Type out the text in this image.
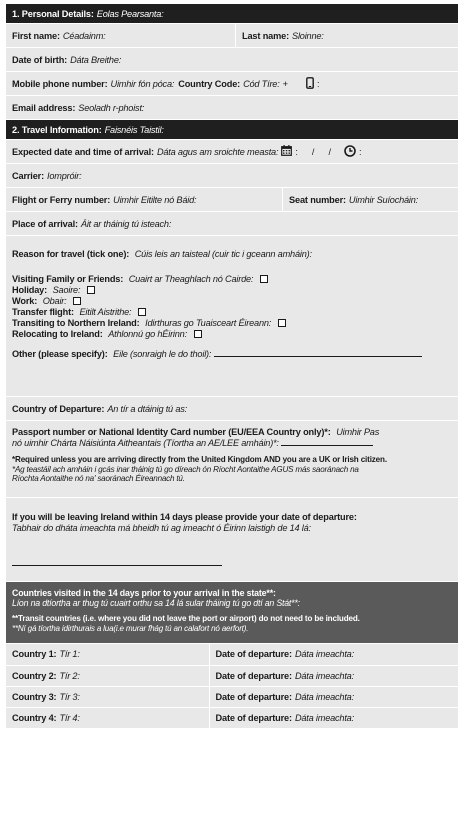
1. Personal Details: Eolas Pearsanta:
First name: Céadainm:	Last name: Sloinne:
Date of birth: Dáta Breithe:
Mobile phone number: Uimhir fón póca: Country Code: Cód Tíre: +	:
Email address: Seoladh r-phoist:
2. Travel Information: Faisnéis Taistil:
Expected date and time of arrival: Dáta agus am sroichte measta: : / /	:
Carrier: Iompróir:
Flight or Ferry number: Uimhir Eitilte nó Báid:	Seat number: Uimhir Suíocháin:
Place of arrival: Áit ar tháinig tú isteach:
Reason for travel (tick one): Cúis leis an taisteal (cuir tic i gceann amháin):
Visiting Family or Friends: Cuairt ar Theaghlach nó Cairde:
Holiday: Saoire:
Work: Obair:
Transfer flight: Eitilt Aistrithe:
Transiting to Northern Ireland: Idirthuras go Tuaisceart Éireann:
Relocating to Ireland: Athlonnú go hÉirinn:
Other (please specify): Eile (sonraigh le do thoil):
Country of Departure: An tír a dtáinig tú as:
Passport number or National Identity Card number (EU/EEA Country only)*: Uimhir Pas
nó uimhir Chárta Náisiúnta Aitheantais (Tíortha an AE/LEE amháin)*:
*Required unless you are arriving directly from the United Kingdom AND you are a UK or Irish citizen.
*Ag teastáil ach amháin i gcás inar tháinig tú go díreach ón Ríocht Aontaithe AGUS más saoránach na
Ríochta Aontaithe nó na' saoránach Éireannach tú.
If you will be leaving Ireland within 14 days please provide your date of departure:
Tabhair do dháta imeachta má bheidh tú ag imeacht ó Éirinn laistigh de 14 lá:
Countries visited in the 14 days prior to your arrival in the state**:
Líon na dtíortha ar thug tú cuairt orthu sa 14 lá sular tháinig tú go dtí an Stát**:
**Transit countries (i.e. where you did not leave the port or airport) do not need to be included.
**Ní gá tíortha idirthurais a lua(i.e murar fhág tú an calafort nó aerfort).
Country 1: Tír 1:	Date of departure: Dáta imeachta:
Country 2: Tír 2:	Date of departure: Dáta imeachta:
Country 3: Tír 3:	Date of departure: Dáta imeachta:
Country 4: Tír 4:	Date of departure: Dáta imeachta:
